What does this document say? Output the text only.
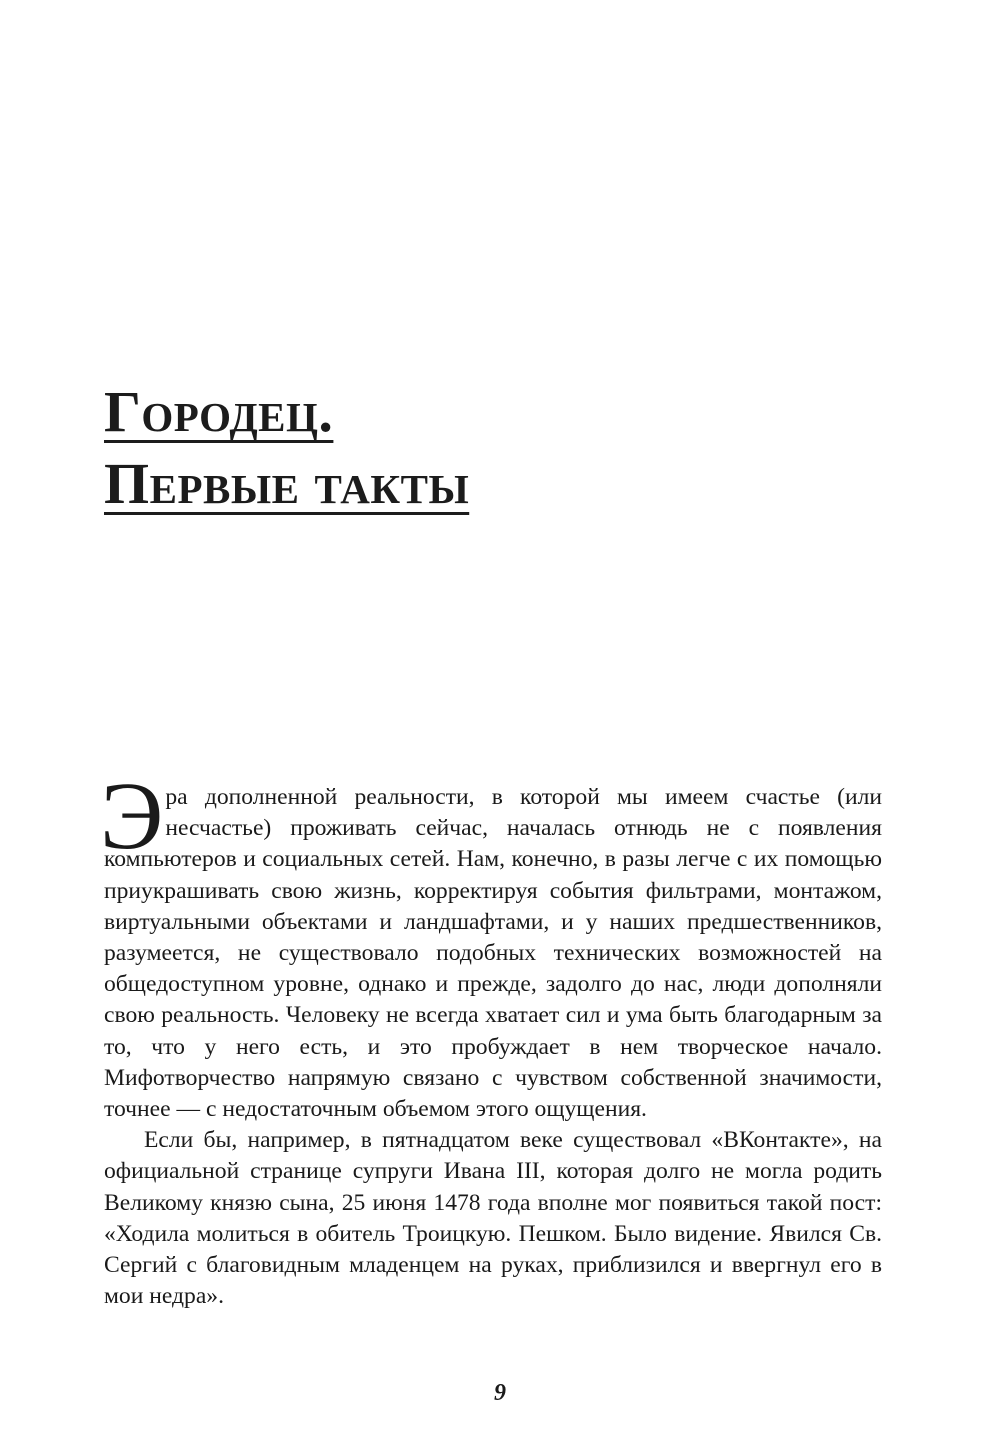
Городец.
Первые такты

Эра дополненной реальности, в которой мы имеем счастье (или несчастье) проживать сейчас, началась отнюдь не с появления компьютеров и социальных сетей. Нам, конечно, в разы легче с их помощью приукрашивать свою жизнь, корректируя события фильтрами, монтажом, виртуальными объектами и ландшафтами, и у наших предшественников, разумеется, не существовало подобных технических возможностей на общедоступном уровне, однако и прежде, задолго до нас, люди дополняли свою реальность. Человеку не всегда хватает сил и ума быть благодарным за то, что у него есть, и это пробуждает в нем творческое начало. Мифотворчество напрямую связано с чувством собственной значимости, точнее — с недостаточным объемом этого ощущения.

Если бы, например, в пятнадцатом веке существовал «ВКонтакте», на официальной странице супруги Ивана III, которая долго не могла родить Великому князю сына, 25 июня 1478 года вполне мог появиться такой пост: «Ходила молиться в обитель Троицкую. Пешком. Было видение. Явился Св. Сергий с благовидным младенцем на руках, приблизился и ввергнул его в мои недра».

9
